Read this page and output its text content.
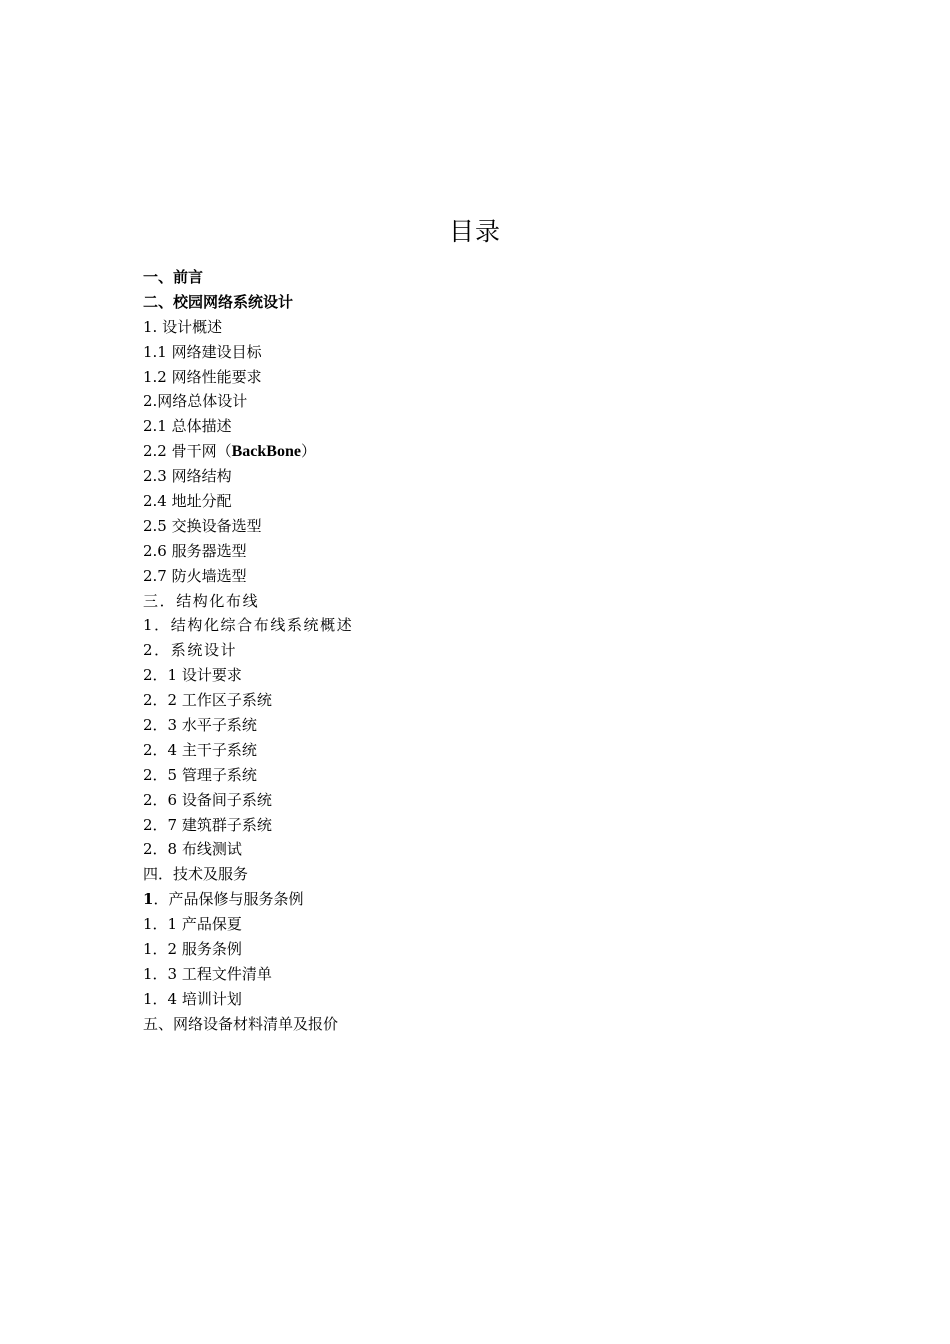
目录
一、前言
二、校园网络系统设计
1. 设计概述
1.1 网络建设目标
1.2 网络性能要求
2.网络总体设计
2.1 总体描述
2.2 骨干网（BackBone）
2.3 网络结构
2.4 地址分配
2.5 交换设备选型
2.6 服务器选型
2.7 防火墙选型
三．结构化布线
1．结构化综合布线系统概述
2．系统设计
2．1 设计要求
2．2 工作区子系统
2．3 水平子系统
2．4 主干子系统
2．5 管理子系统
2．6 设备间子系统
2．7 建筑群子系统
2．8 布线测试
四．技术及服务
1．产品保修与服务条例
1．1 产品保夏
1．2 服务条例
1．3 工程文件清单
1．4 培训计划
五、网络设备材料清单及报价
